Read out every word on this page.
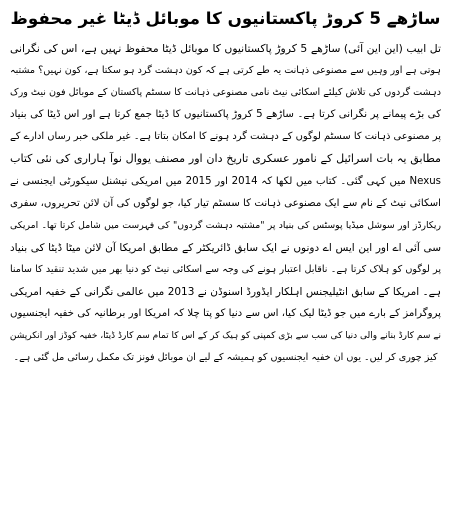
ساڑھے 5 کروڑ پاکستانیوں کا موبائل ڈیٹا غیر محفوظ
تل ابیب (این این آئی) ساڑھے 5 کروڑ پاکستانیوں کا موبائل ڈیٹا محفوظ نہیں ہے، اس کی نگرانی
ہوتی ہے اور وہیں سے مصنوعی ذہانت یہ طے کرتی ہے کہ کون دہشت گرد ہو سکتا ہے، کون نہیں؟ مشتبہ
دہشت گردوں کی تلاش کیلئے اسکائی نیٹ نامی مصنوعی ذہانت کا سسٹم پاکستان کے موبائل فون نیٹ ورک
کی بڑے پیمانے پر نگرانی کرتا ہے۔ ساڑھے 5 کروڑ پاکستانیوں کا ڈیٹا جمع کرتا ہے اور اس ڈیٹا کی بنیاد
پر مصنوعی ذہانت کا سسٹم لوگوں کے دہشت گرد ہونے کا امکان بتاتا ہے۔ غیر ملکی خبر رساں ادارے کے
مطابق یہ بات اسرائیل کے نامور عسکری تاریخ دان اور مصنف یووال نوآ ہاراری کی نئی کتاب
Nexus میں کہی گئی۔ کتاب میں لکھا کہ 2014 اور 2015 میں امریکی نیشنل سیکورٹی ایجنسی نے
اسکائی نیٹ کے نام سے ایک مصنوعی ذہانت کا سسٹم تیار کیا، جو لوگوں کی آن لائن تحریروں، سفری
ریکارڈز اور سوشل میڈیا پوسٹس کی بنیاد پر "مشتبہ دہشت گردوں" کی فہرست میں شامل کرتا تھا۔ امریکی
سی آئی اے اور این ایس اے دونوں نے ایک سابق ڈائریکٹر کے مطابق امریکا آن لائن میٹا ڈیٹا کی بنیاد
پر لوگوں کو ہلاک کرتا ہے۔ ناقابل اعتبار ہونے کی وجہ سے اسکائی نیٹ کو دنیا بھر میں شدید تنقید کا سامنا
ہے۔ امریکا کے سابق انٹیلیجنس اہلکار ایڈورڈ اسنوڈن نے 2013 میں عالمی نگرانی کے خفیہ امریکی
پروگرامز کے بارے میں جو ڈیٹا لیک کیا، اس سے دنیا کو پتا چلا کہ امریکا اور برطانیہ کی خفیہ ایجنسیوں
نے سم کارڈ بنانے والی دنیا کی سب سے بڑی کمپنی کو ہیک کر کے اس کا تمام سم کارڈ ڈیٹا، خفیہ کوڈز اور انکرپشن
کیز چوری کر لیں۔ یوں ان خفیہ ایجنسیوں کو ہمیشہ کے لیے ان موبائل فونز تک مکمل رسائی مل گئی ہے۔
